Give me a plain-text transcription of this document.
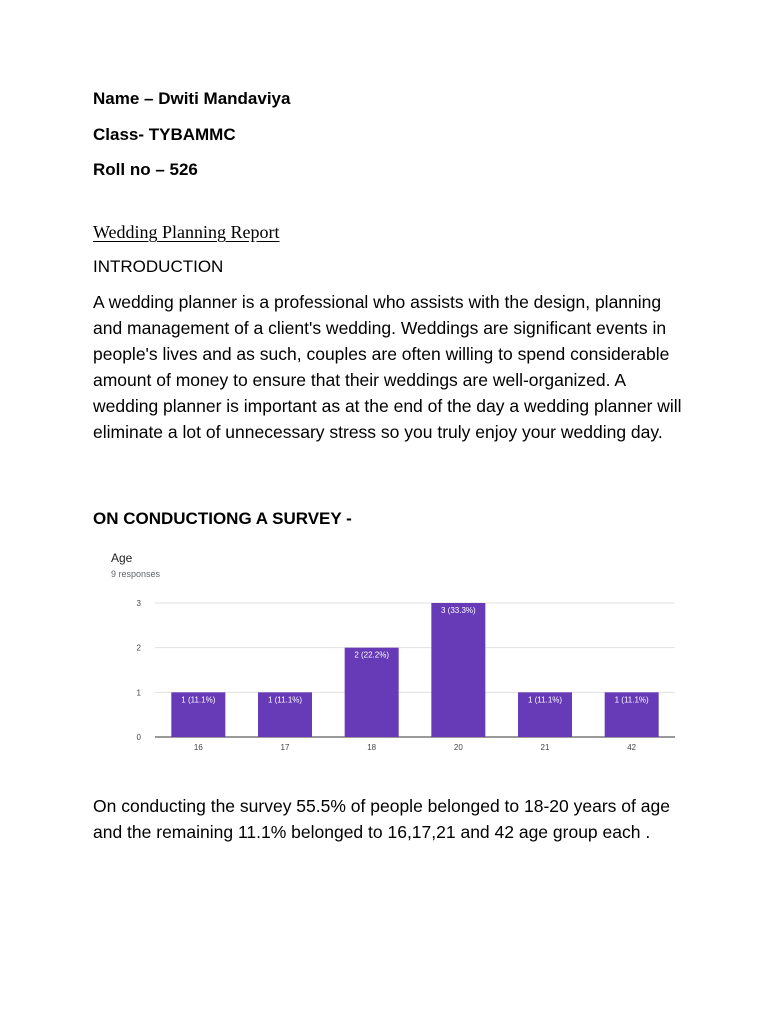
Name – Dwiti Mandaviya
Class- TYBAMMC
Roll no – 526
Wedding Planning Report
INTRODUCTION
A wedding planner is a professional who assists with the design, planning and management of a client's wedding. Weddings are significant events in people's lives and as such, couples are often willing to spend considerable amount of money to ensure that their weddings are well-organized. A wedding planner is important as at the end of the day a wedding planner will eliminate a lot of unnecessary stress so you truly enjoy your wedding day.
ON CONDUCTIONG A SURVEY -
Age
9 responses
0
1
2
3
1 (11.1%)
16
1 (11.1%)
17
2 (22.2%)
18
3 (33.3%)
20
1 (11.1%)
21
1 (11.1%)
42
On conducting the survey 55.5% of people belonged to 18-20 years of age and the remaining 11.1% belonged to 16,17,21 and 42 age group each .
